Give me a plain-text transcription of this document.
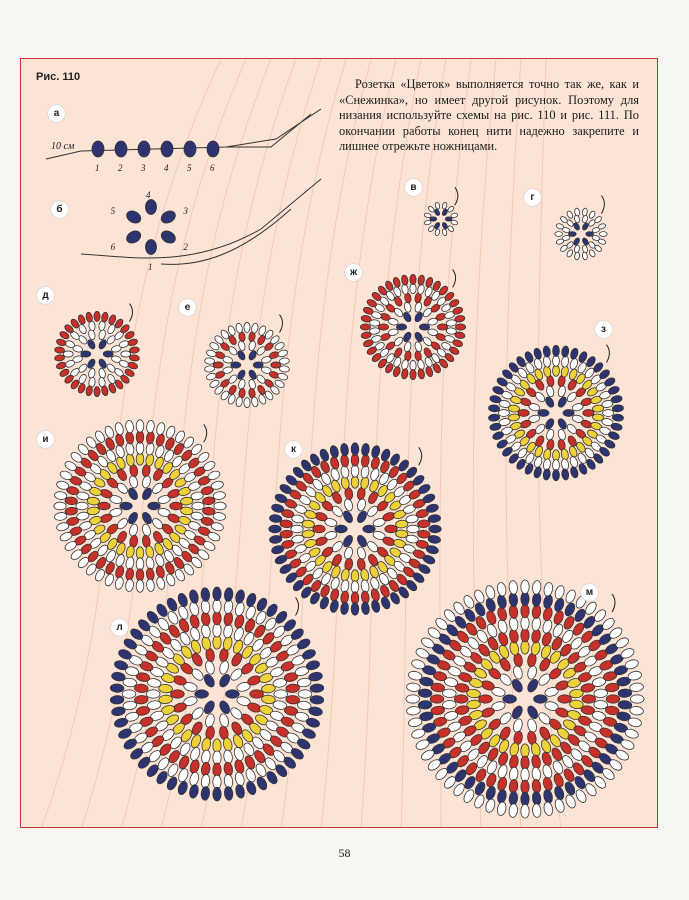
10 см
1 2 3 4 5 6
1
2
3
4
5
6
Рис. 110	Розетка «Цветок» выполняется точно так же, как и «Снежинка», но имеет другой рисунок. Поэтому для низания используйте схемы на рис. 110 и рис. 111. По окончании работы конец нити надежно закрепите и лишнее отрежьте ножницами.

а
б
в
г
д
е
ж
з
и
к
л
м
58
